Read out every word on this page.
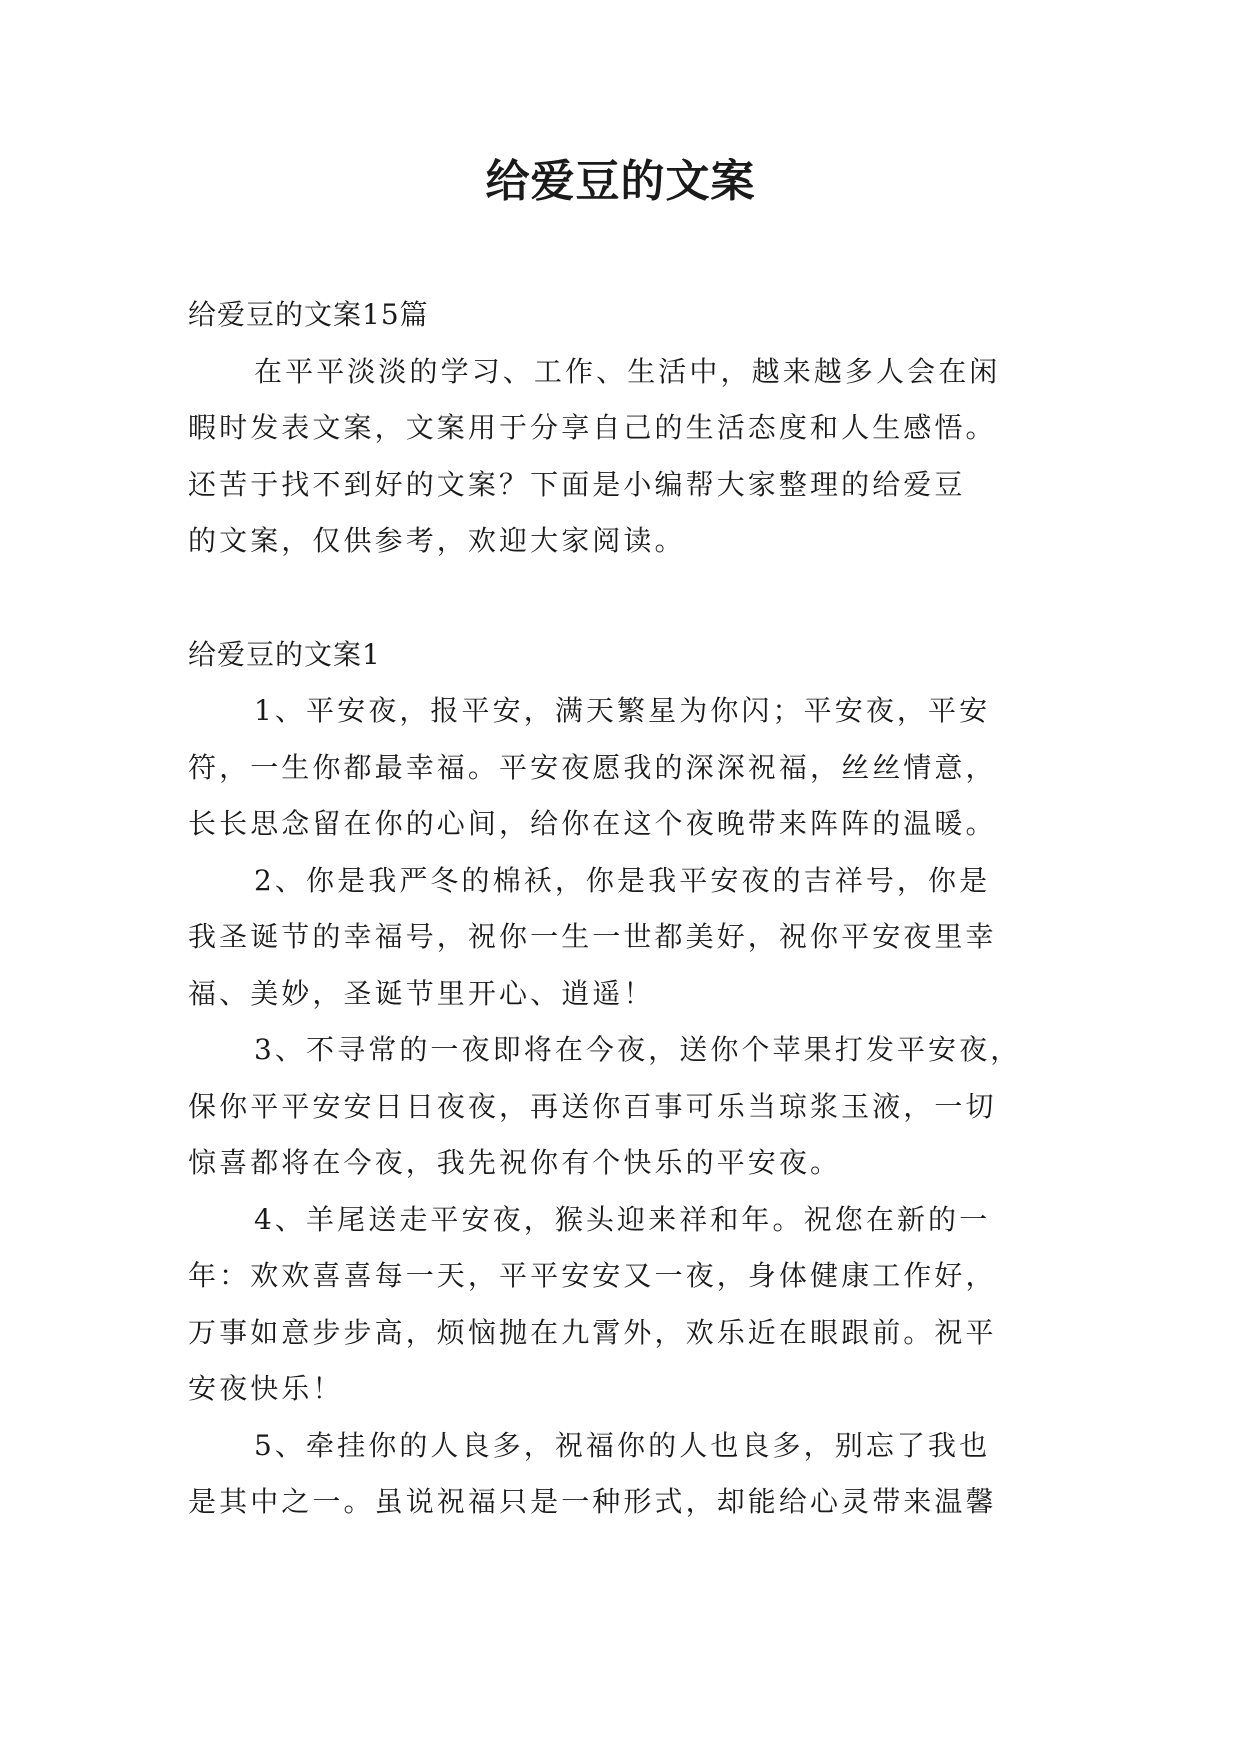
给爱豆的文案

给爱豆的文案15篇

在平平淡淡的学习、工作、生活中，越来越多人会在闲

暇时发表文案，文案用于分享自己的生活态度和人生感悟。

还苦于找不到好的文案？下面是小编帮大家整理的给爱豆

的文案，仅供参考，欢迎大家阅读。

给爱豆的文案1

1、平安夜，报平安，满天繁星为你闪；平安夜，平安

符，一生你都最幸福。平安夜愿我的深深祝福，丝丝情意，

长长思念留在你的心间，给你在这个夜晚带来阵阵的温暖。

2、你是我严冬的棉袄，你是我平安夜的吉祥号，你是

我圣诞节的幸福号，祝你一生一世都美好，祝你平安夜里幸

福、美妙，圣诞节里开心、逍遥！

3、不寻常的一夜即将在今夜，送你个苹果打发平安夜，

保你平平安安日日夜夜，再送你百事可乐当琼浆玉液，一切

惊喜都将在今夜，我先祝你有个快乐的平安夜。

4、羊尾送走平安夜，猴头迎来祥和年。祝您在新的一

年：欢欢喜喜每一天，平平安安又一夜，身体健康工作好，

万事如意步步高，烦恼抛在九霄外，欢乐近在眼跟前。祝平

安夜快乐！

5、牵挂你的人良多，祝福你的人也良多，别忘了我也

是其中之一。虽说祝福只是一种形式，却能给心灵带来温馨
